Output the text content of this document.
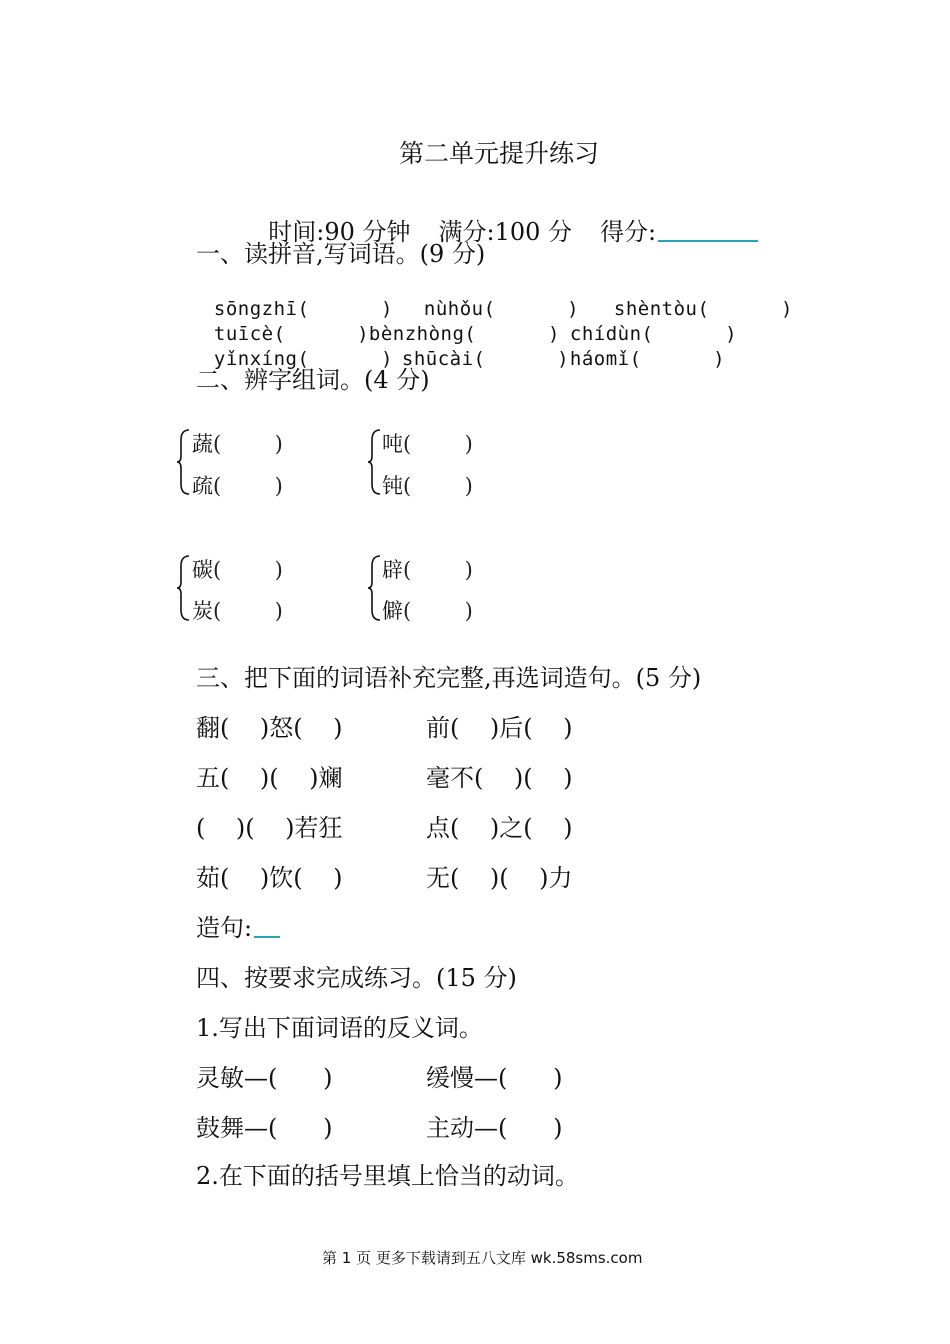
第二单元提升练习

时间:90 分钟 满分:100 分 得分:

一、读拼音,写词语。(9 分)

sōngzhī(      )	nùhǒu(      )	shèntòu(      )

tuīcè(      ) bènzhòng(      ) chídùn(      )

yǐnxíng(      ) shūcài(      ) háomǐ(      )

二、辨字组词。(4 分)
蔬(        )
疏(        )
吨(        )
钝(        )
碳(        )
炭(        )
辟(        )
僻(        )
三、把下面的词语补充完整,再选词造句。(5 分)
翻(    )怒(    )	前(    )后(    )
五(    )(    )斓	毫不(    )(    )
(    )(    )若狂	点(    )之(    )
茹(    )饮(    )	无(    )(    )力
造句:
四、按要求完成练习。(15 分)
1.写出下面词语的反义词。
灵敏—(      )	缓慢—(      )
鼓舞—(      )	主动—(      )
2.在下面的括号里填上恰当的动词。
第 1 页 更多下载请到五八文库 wk.58sms.com
